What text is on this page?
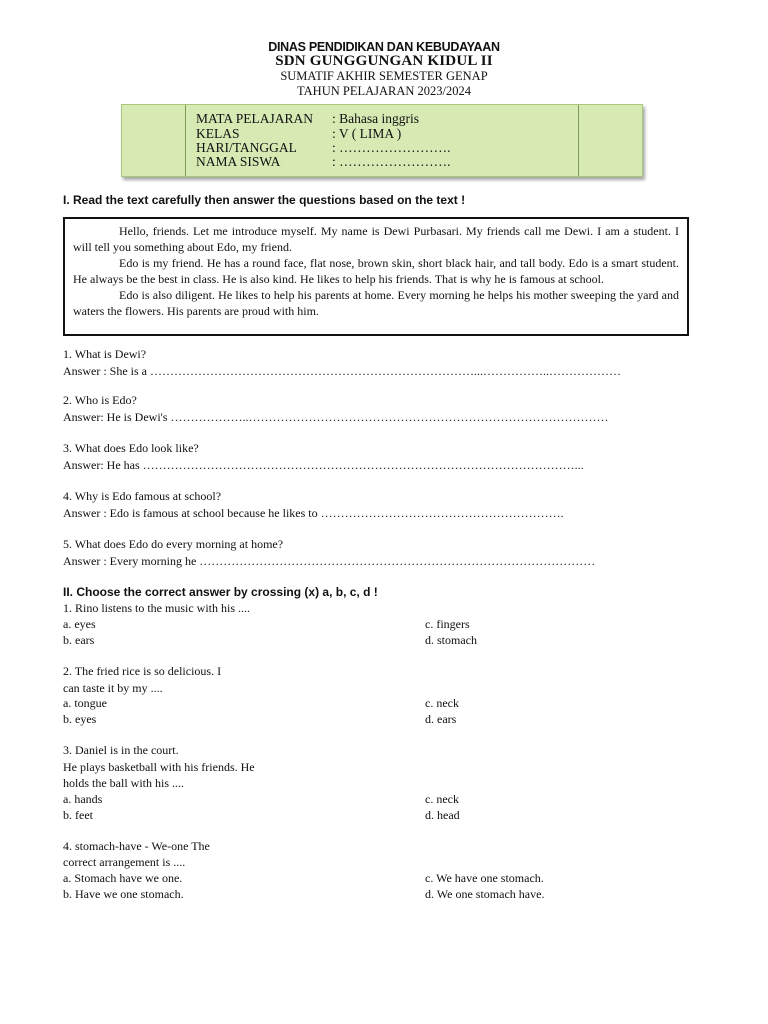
DINAS PENDIDIKAN DAN KEBUDAYAAN
SDN GUNGGUNGAN KIDUL II
SUMATIF AKHIR SEMESTER GENAP
TAHUN PELAJARAN 2023/2024
MATA PELAJARAN : Bahasa inggris
KELAS	: V ( LIMA )
HARI/TANGGAL	: …………………….
NAMA SISWA	: …………………….
I. Read the text carefully then answer the questions based on the text !

Hello, friends. Let me introduce myself. My name is Dewi Purbasari. My friends call me Dewi. I am a student. I will tell you something about Edo, my friend.

Edo is my friend. He has a round face, flat nose, brown skin, short black hair, and tall body. Edo is a smart student. He always be the best in class. He is also kind. He likes to help his friends. That is why he is famous at school.

Edo is also diligent. He likes to help his parents at home. Every morning he helps his mother sweeping the yard and waters the flowers. His parents are proud with him.

1. What is Dewi?
Answer : She is a ………………………………………………………………………...……………..………………
2. Who is Edo?
Answer: He is Dewi's ………………..………………………………………………………………………………
3. What does Edo look like?
Answer: He has ………………………………………………………………………………………………...
4. Why is Edo famous at school?
Answer : Edo is famous at school because he likes to …………………………………………………….
5. What does Edo do every morning at home?
Answer : Every morning he ………………………………………………………………………………………
II. Choose the correct answer by crossing (x) a, b, c, d !
1. Rino listens to the music with his ....
a. eyes	c. fingers
b. ears	d. stomach
2. The fried rice is so delicious. I
can taste it by my ....
a. tongue	c. neck
b. eyes	d. ears
3. Daniel is in the court.
He plays basketball with his friends. He
holds the ball with his ....
a. hands	c. neck
b. feet	d. head
4. stomach-have - We-one The
correct arrangement is ....
a. Stomach have we one.	c. We have one stomach.
b. Have we one stomach.	d. We one stomach have.
